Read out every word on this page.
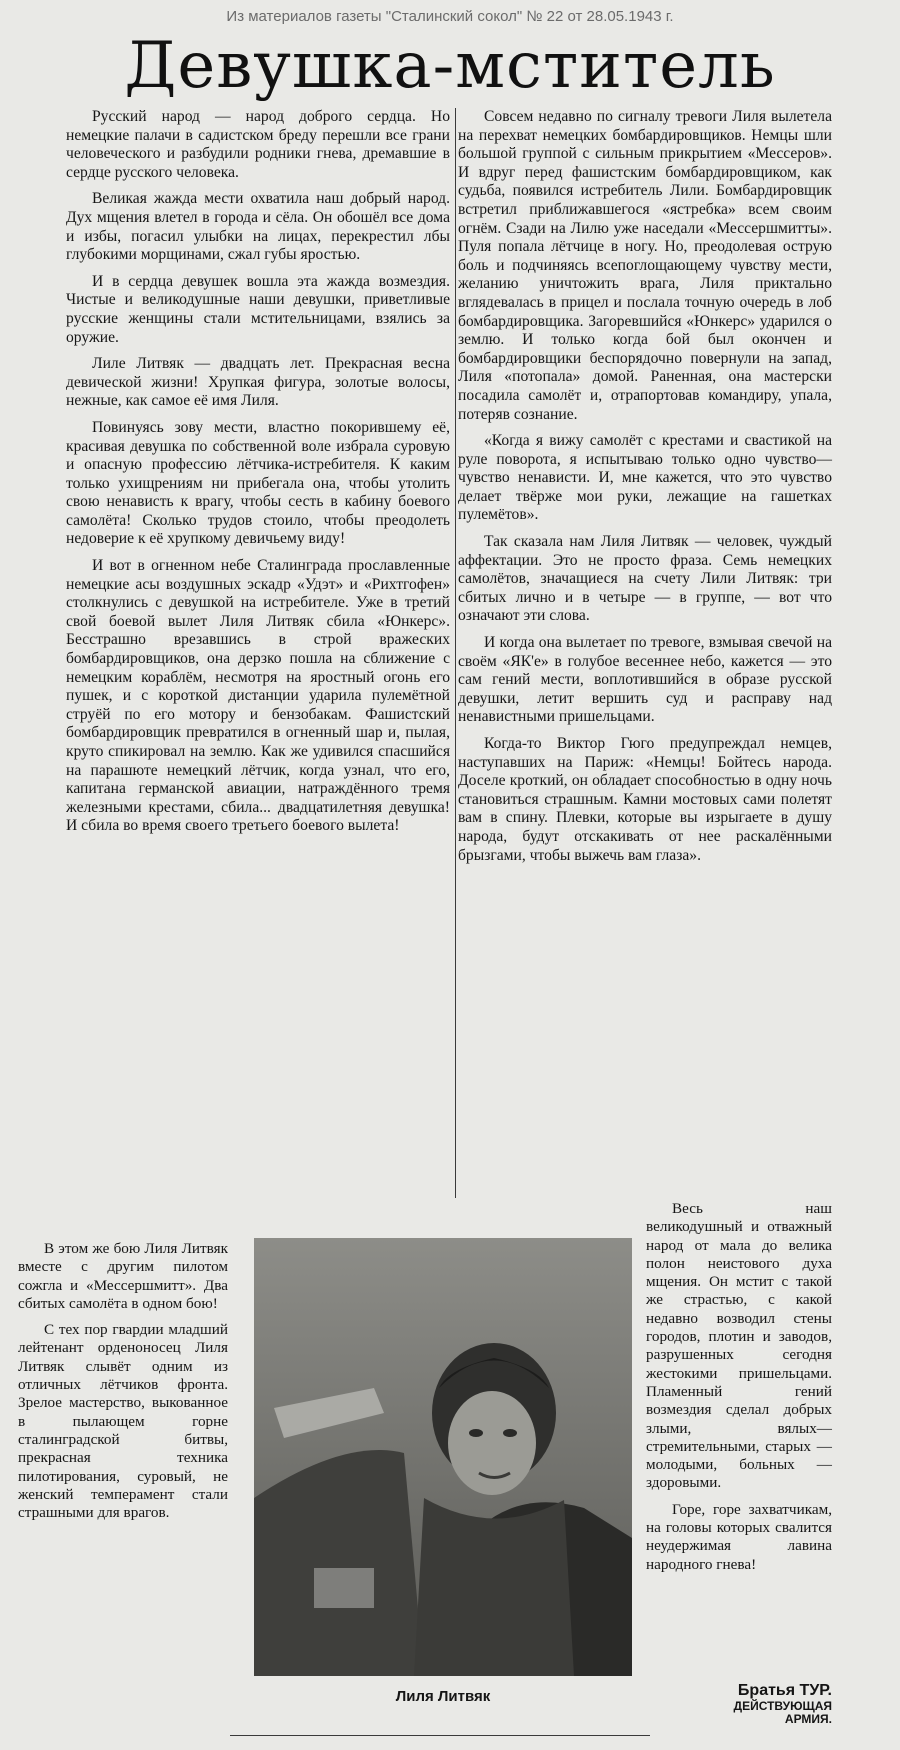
Из материалов газеты "Сталинский сокол" № 22 от 28.05.1943 г.
Девушка-мститель

Русский народ — народ доброго сердца. Но немецкие палачи в садистском бреду перешли все грани человеческого и разбудили родники гнева, дремавшие в сердце русского человека.

Великая жажда мести охватила наш добрый народ. Дух мщения влетел в города и сёла. Он обошёл все дома и избы, погасил улыбки на лицах, перекрестил лбы глубокими морщинами, сжал губы яростью.

И в сердца девушек вошла эта жажда возмездия. Чистые и великодушные наши девушки, приветливые русские женщины стали мстительницами, взялись за оружие.

Лиле Литвяк — двадцать лет. Прекрасная весна девической жизни! Хрупкая фигура, золотые волосы, нежные, как самое её имя Лиля.

Повинуясь зову мести, властно покорившему её, красивая девушка по собственной воле избрала суровую и опасную профессию лётчика-истребителя. К каким только ухищрениям ни прибегала она, чтобы утолить свою ненависть к врагу, чтобы сесть в кабину боевого самолёта! Сколько трудов стоило, чтобы преодолеть недоверие к её хрупкому девичьему виду!

И вот в огненном небе Сталинграда прославленные немецкие асы воздушных эскадр «Удэт» и «Рихтгофен» столкнулись с девушкой на истребителе. Уже в третий свой боевой вылет Лиля Литвяк сбила «Юнкерс». Бесстрашно врезавшись в строй вражеских бомбардировщиков, она дерзко пошла на сближение с немецким кораблём, несмотря на яростный огонь его пушек, и с короткой дистанции ударила пулемётной струёй по его мотору и бензобакам. Фашистский бомбардировщик превратился в огненный шар и, пылая, круто спикировал на землю. Как же удивился спасшийся на парашюте немецкий лётчик, когда узнал, что его, капитана германской авиации, натраждённого тремя железными крестами, сбила... двадцатилетняя девушка! И сбила во время своего третьего боевого вылета!

Совсем недавно по сигналу тревоги Лиля вылетела на перехват немецких бомбардировщиков. Немцы шли большой группой с сильным прикрытием «Мессеров». И вдруг перед фашистским бомбардировщиком, как судьба, появился истребитель Лили. Бомбардировщик встретил приближавшегося «ястребка» всем своим огнём. Сзади на Лилю уже наседали «Мессершмитты». Пуля попала лётчице в ногу. Но, преодолевая острую боль и подчиняясь всепоглощающему чувству мести, желанию уничтожить врага, Лиля приктально вглядевалась в прицел и послала точную очередь в лоб бомбардировщика. Загоревшийся «Юнкерс» ударился о землю. И только когда бой был окончен и бомбардировщики беспорядочно повернули на запад, Лиля «потопала» домой. Раненная, она мастерски посадила самолёт и, отрапортовав командиру, упала, потеряв сознание.

«Когда я вижу самолёт с крестами и свастикой на руле поворота, я испытываю только одно чувство—чувство ненависти. И, мне кажется, что это чувство делает твёрже мои руки, лежащие на гашетках пулемётов».

Так сказала нам Лиля Литвяк — человек, чуждый аффектации. Это не просто фраза. Семь немецких самолётов, значащиеся на счету Лили Литвяк: три сбитых лично и в четыре — в группе, — вот что означают эти слова.

И когда она вылетает по тревоге, взмывая свечой на своём «ЯК'е» в голубое весеннее небо, кажется — это сам гений мести, воплотившийся в образе русской девушки, летит вершить суд и расправу над ненавистными пришельцами.

Когда-то Виктор Гюго предупреждал немцев, наступавших на Париж: «Немцы! Бойтесь народа. Доселе кроткий, он обладает способностью в одну ночь становиться страшным. Камни мостовых сами полетят вам в спину. Плевки, которые вы изрыгаете в душу народа, будут отскакивать от нее раскалёнными брызгами, чтобы выжечь вам глаза».

В этом же бою Лиля Литвяк вместе с другим пилотом сожгла и «Мессершмитт». Два сбитых самолёта в одном бою!

С тех пор гвардии младший лейтенант орденоносец Лиля Литвяк слывёт одним из отличных лётчиков фронта. Зрелое мастерство, выкованное в пылающем горне сталинградской битвы, прекрасная техника пилотирования, суровый, не женский темперамент стали страшными для врагов.

Лиля Литвяк

Весь наш великодушный и отважный народ от мала до велика полон неистового духа мщения. Он мстит с такой же страстью, с какой недавно возводил стены городов, плотин и заводов, разрушенных сегодня жестокими пришельцами. Пламенный гений возмездия сделал добрых злыми, вялых—стремительными, старых — молодыми, больных — здоровыми.

Горе, горе захватчикам, на головы которых свалится неудержимая лавина народного гнева!

Братья ТУР.
ДЕЙСТВУЮЩАЯ
АРМИЯ.
